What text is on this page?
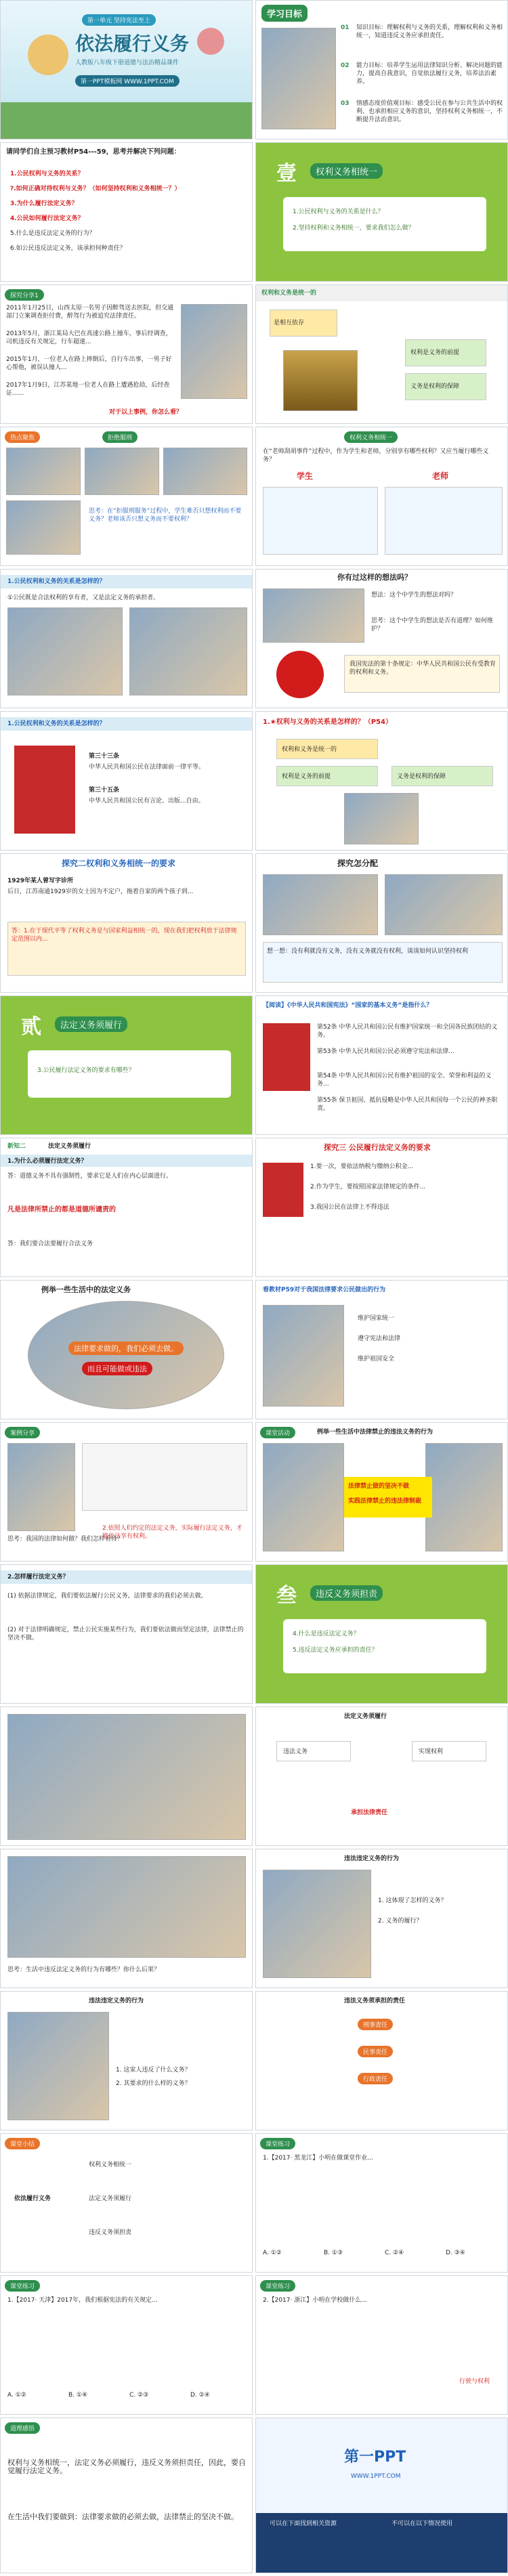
第一单元 坚持宪法至上
依法履行义务
人教版八年级下册道德与法治精品课件
第一PPT模板网 WWW.1PPT.COM
学习目标
01 知识目标：理解权利与义务的关系，理解权利和义务相统一，知道违反义务应承担责任。
02 能力目标：培养学生运用法律知识分析、解决问题的能力，提高自我意识，自觉依法履行义务，培养法治素养。
03 情感态度价值观目标：感受公民在参与公共生活中的权利、也承担相应义务的意识，坚持权利义务相统一，不断提升法治意识。
请同学们自主预习教材P54---59，思考并解决下列问题：
1.公民权利与义务的关系？
?.如何正确对待权利与义务？（如何坚持权利和义务相统一？）
3.为什么履行法定义务？
4.公民如何履行法定义务？
5.什么是违反法定义务的行为？
6.如公民违反法定义务，该承担何种责任？
壹	权利义务相统一
1.公民权利与义务的关系是什么？
2.坚持权利和义务相统一，要求我们怎么做？
探究分享1
2011年1月25日，山西太原一名男子因醉驾送去医院，但交通部门立案调查拒付费，醉驾行为被追究法律责任。
2013年5月，浙江某局大巴在高速公路上撞车，事后经调查，司机违反有关规定，行车超速...
2015年1月，一位老人在路上摔倒后，自行车出事，一男子好心帮他，被误认撞人...
2017年1月9日，江苏某地一位老人在路上遭遇抢劫，后经查证......
对于以上事例，你怎么看？
权利和义务是统一的
是相互依存
权利是义务的前提
义务是权利的保障
热点聚焦	拒绝服刑
思考：在“拒服刑服务”过程中，学生难否只想权利而不要义务？老师该否只想义务而不要权利？
权利义务相统一
在“老师刮胡事件”过程中，作为学生和老师，分别享有哪些权利？又应当履行哪些义务？
学生	老师
1.公民权利和义务的关系是怎样的？
①公民既是合法权利的享有者，又是法定义务的承担者。
你有过这样的想法吗？
想法：这个中学生的想法对吗？
思考：这个中学生的想法是否有道理？如何维护？
我国宪法的第十条规定：中华人民共和国公民有受教育的权利和义务。
1.公民权利和义务的关系是怎样的？
第三十三条
中华人民共和国公民在法律面前一律平等。
第三十五条
中华人民共和国公民有言论、出版...自由。
1.★权利与义务的关系是怎样的？（P54）
权利和义务是统一的
权利是义务的前提	义务是权利的保障
探究二权利和义务相统一的要求
1929年某人曾写字诊所
后日，江苏南通1929岁的女士因为不定户，拖着自家的两个孩子到...
答：1.在于现代平等了权利义务是与国家利益相统一的，现在我们把权利放于法律规定范围以内...
探究怎分配
想一想：没有利就没有义务，没有义务就没有权利，谈谈如何认识坚持权利
贰	法定义务须履行
3.公民履行法定义务的要求有哪些？
【阅读】《中华人民共和国宪法》“国家的基本义务”是指什么？
第52条 中华人民共和国公民有维护国家统一和全国各民族团结的义务。
第53条 中华人民共和国公民必须遵守宪法和法律...
第54条 中华人民共和国公民有维护祖国的安全、荣誉和利益的义务...
第55条 保卫祖国、抵抗侵略是中华人民共和国每一个公民的神圣职责。
新知二	法定义务须履行
1.为什么必须履行法定义务？
答：道德义务不具有强制性，要求它是人们在内心层面进行。
凡是法律所禁止的都是道德所谴责的
答：我们要合法要履行合法义务
探究三 公民履行法定义务的要求
1.要一次，要依法纳税与缴纳公积金...
2.作为学生，要按照国家法律规定的条件...
3.我国公民在法律上不得违法
例举一些生活中的法定义务
法律要求做的，我们必须去做。
而且可能做或违法
看教材P59对于我国法律要求公民做出的行为
维护国家统一
遵守宪法和法律
维护祖国安全
案例分享
思考：我国的法律如何做？我们怎样看待？
2.依照人们约定的法定义务，实际履行法定义务，才能依法享有权利。
课堂活动	例举一些生活中法律禁止的违法义务的行为
法律禁止做的坚决不做
实践法律禁止的违法律制裁
2.怎样履行法定义务？
(1) 依据法律规定，我们要依法履行公民义务，法律要求的我们必须去做。
(2) 对于法律明确规定，禁止公民实施某些行为，我们要依法做而坚定法律，法律禁止的坚决不做。
叁	违反义务须担责
4.什么是违反法定义务？
5.违反法定义务应承担的责任？
法定义务须履行
违法义务	实现权利
承担法律责任
思考：生活中违反法定义务的行为有哪些？你什么后果？
违法违定义务的行为
1. 这体现了怎样的义务？
2. 义务的履行？
违法违定义务的行为
1. 这家人违反了什么义务？
2. 其要求的什么样的义务？
违法义务须承担的责任
刑事责任
民事责任
行政责任
课堂小结
依法履行义务
权利义务相统一
法定义务须履行
违反义务须担责
课堂练习
1.【2017· 黑龙江】小明在做课堂作业...
A. ①②	B. ①③	C. ②④	D. ③④
课堂练习
1.【2017· 天津】2017年，我们根据宪法的有关规定...
A. ①②	B. ①④	C. ②③	D. ②④
课堂练习
2.【2017· 浙江】小明在学校做什么...
行驶与权利
道理感悟
权利与义务相统一，法定义务必须履行，违反义务须担责任，因此，要自觉履行法定义务。
在生活中我们要做到：法律要求做的必须去做，法律禁止的坚决不做。
第一PPT
WWW.1PPT.COM
可以在下面找到相关资源	不可以在以下情况使用
